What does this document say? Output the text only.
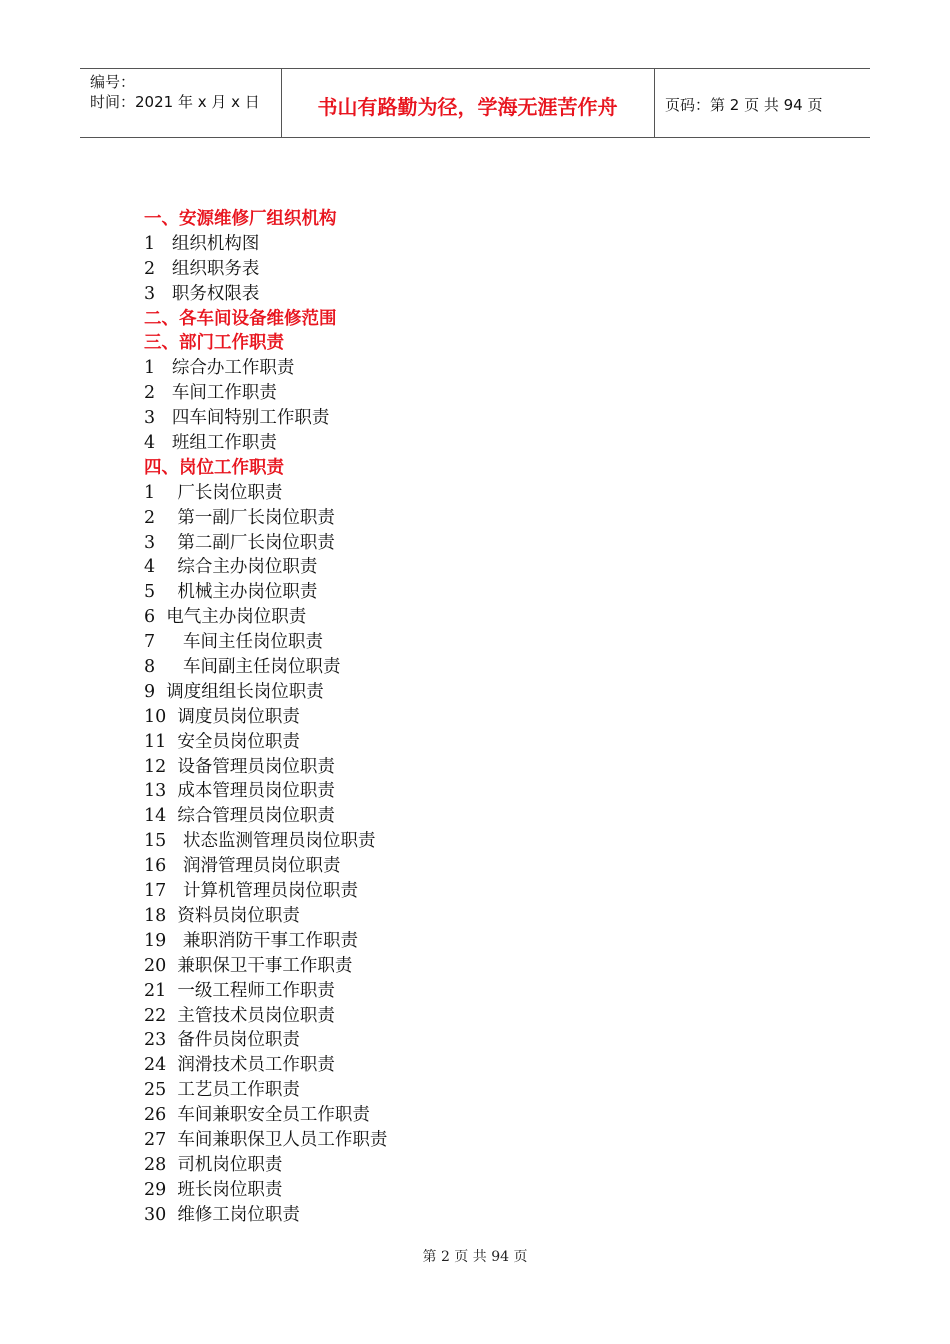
编号：
时间：2021 年 x 月 x 日	书山有路勤为径，学海无涯苦作舟	页码：第 2 页 共 94 页
一、安源维修厂组织机构
1   组织机构图
2   组织职务表
3   职务权限表
二、各车间设备维修范围
三、部门工作职责
1   综合办工作职责
2   车间工作职责
3   四车间特别工作职责
4   班组工作职责
四、岗位工作职责
1    厂长岗位职责
2    第一副厂长岗位职责
3    第二副厂长岗位职责
4    综合主办岗位职责
5    机械主办岗位职责
6  电气主办岗位职责
7     车间主任岗位职责
8     车间副主任岗位职责
9  调度组组长岗位职责
10  调度员岗位职责
11  安全员岗位职责
12  设备管理员岗位职责
13  成本管理员岗位职责
14  综合管理员岗位职责
15   状态监测管理员岗位职责
16   润滑管理员岗位职责
17   计算机管理员岗位职责
18  资料员岗位职责
19   兼职消防干事工作职责
20  兼职保卫干事工作职责
21  一级工程师工作职责
22  主管技术员岗位职责
23  备件员岗位职责
24  润滑技术员工作职责
25  工艺员工作职责
26  车间兼职安全员工作职责
27  车间兼职保卫人员工作职责
28  司机岗位职责
29  班长岗位职责
30  维修工岗位职责
第 2 页 共 94 页
